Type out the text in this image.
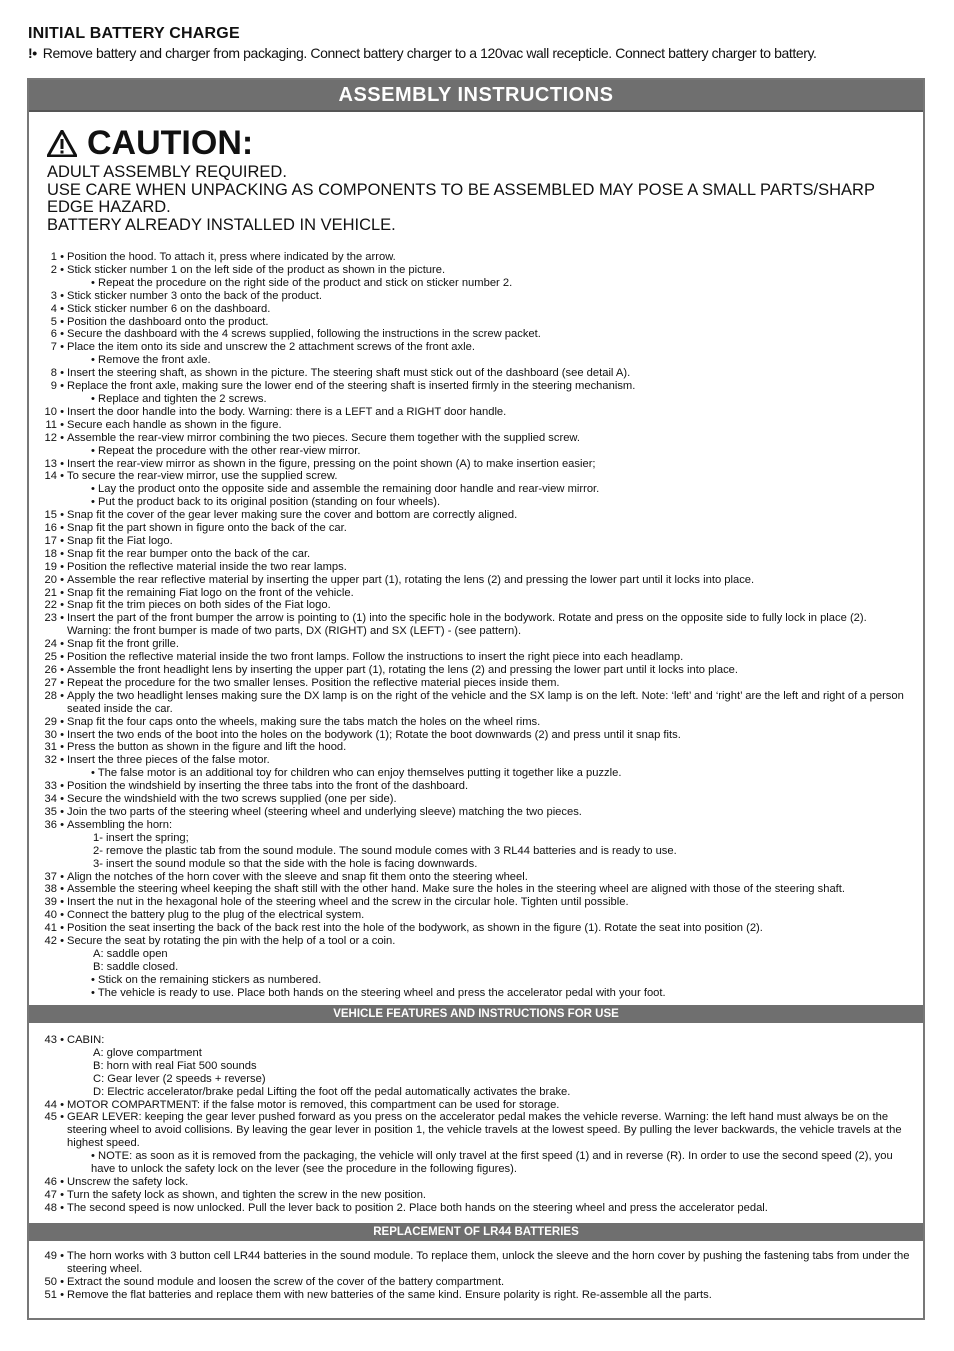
INITIAL BATTERY CHARGE
!• Remove battery and charger from packaging. Connect battery charger to a 120vac wall recepticle. Connect battery charger to battery.
ASSEMBLY INSTRUCTIONS
CAUTION:
ADULT ASSEMBLY REQUIRED.
USE CARE WHEN UNPACKING AS COMPONENTS TO BE ASSEMBLED MAY POSE A SMALL PARTS/SHARP EDGE HAZARD.
BATTERY ALREADY INSTALLED IN VEHICLE.
1 • Position the hood. To attach it, press where indicated by the arrow.
2 • Stick sticker number 1 on the left side of the product as shown in the picture.
• Repeat the procedure on the right side of the product and stick on sticker number 2.
3 • Stick sticker number 3 onto the back of the product.
4 • Stick sticker number 6 on the dashboard.
5 • Position the dashboard onto the product.
6 • Secure the dashboard with the 4 screws supplied, following the instructions in the screw packet.
7 • Place the item onto its side and unscrew the 2 attachment screws of the front axle.
• Remove the front axle.
8 • Insert the steering shaft, as shown in the picture. The steering shaft must stick out of the dashboard (see detail A).
9 • Replace the front axle, making sure the lower end of the steering shaft is inserted firmly in the steering mechanism.
• Replace and tighten the 2 screws.
10 • Insert the door handle into the body. Warning: there is a LEFT and a RIGHT door handle.
11 • Secure each handle as shown in the figure.
12 • Assemble the rear-view mirror combining the two pieces. Secure them together with the supplied screw.
• Repeat the procedure with the other rear-view mirror.
13 • Insert the rear-view mirror as shown in the figure, pressing on the point shown (A) to make insertion easier;
14 • To secure the rear-view mirror, use the supplied screw.
• Lay the product onto the opposite side and assemble the remaining door handle and rear-view mirror.
• Put the product back to its original position (standing on four wheels).
15 • Snap fit the cover of the gear lever making sure the cover and bottom are correctly aligned.
16 • Snap fit the part shown in figure onto the back of the car.
17 • Snap fit the Fiat logo.
18 • Snap fit the rear bumper onto the back of the car.
19 • Position the reflective material inside the two rear lamps.
20 • Assemble the rear reflective material by inserting the upper part (1), rotating the lens (2) and pressing the lower part until it locks into place.
21 • Snap fit the remaining Fiat logo on the front of the vehicle.
22 • Snap fit the trim pieces on both sides of the Fiat logo.
23 • Insert the part of the front bumper the arrow is pointing to (1) into the specific hole in the bodywork. Rotate and press on the opposite side to fully lock in place (2). Warning: the front bumper is made of two parts, DX (RIGHT) and SX (LEFT) - (see pattern).
24 • Snap fit the front grille.
25 • Position the reflective material inside the two front lamps. Follow the instructions to insert the right piece into each headlamp.
26 • Assemble the front headlight lens by inserting the upper part (1), rotating the lens (2) and pressing the lower part until it locks into place.
27 • Repeat the procedure for the two smaller lenses. Position the reflective material pieces inside them.
28 • Apply the two headlight lenses making sure the DX lamp is on the right of the vehicle and the SX lamp is on the left. Note: ‘left’ and ‘right’ are the left and right of a person seated inside the car.
29 • Snap fit the four caps onto the wheels, making sure the tabs match the holes on the wheel rims.
30 • Insert the two ends of the boot into the holes on the bodywork (1); Rotate the boot downwards (2) and press until it snap fits.
31 • Press the button as shown in the figure and lift the hood.
32 • Insert the three pieces of the false motor.
• The false motor is an additional toy for children who can enjoy themselves putting it together like a puzzle.
33 • Position the windshield by inserting the three tabs into the front of the dashboard.
34 • Secure the windshield with the two screws supplied (one per side).
35 • Join the two parts of the steering wheel (steering wheel and underlying sleeve) matching the two pieces.
36 • Assembling the horn:
1- insert the spring;
2- remove the plastic tab from the sound module. The sound module comes with 3 RL44 batteries and is ready to use.
3- insert the sound module so that the side with the hole is facing downwards.
37 • Align the notches of the horn cover with the sleeve and snap fit them onto the steering wheel.
38 • Assemble the steering wheel keeping the shaft still with the other hand. Make sure the holes in the steering wheel are aligned with those of the steering shaft.
39 • Insert the nut in the hexagonal hole of the steering wheel and the screw in the circular hole. Tighten until possible.
40 • Connect the battery plug to the plug of the electrical system.
41 • Position the seat inserting the back of the back rest into the hole of the bodywork, as shown in the figure (1). Rotate the seat into position (2).
42 • Secure the seat by rotating the pin with the help of a tool or a coin.
A: saddle open
B: saddle closed.
• Stick on the remaining stickers as numbered.
• The vehicle is ready to use. Place both hands on the steering wheel and press the accelerator pedal with your foot.
VEHICLE FEATURES AND INSTRUCTIONS FOR USE
43 • CABIN:
A: glove compartment
B: horn with real Fiat 500 sounds
C: Gear lever (2 speeds + reverse)
D: Electric accelerator/brake pedal Lifting the foot off the pedal automatically activates the brake.
44 • MOTOR COMPARTMENT: if the false motor is removed, this compartment can be used for storage.
45 • GEAR LEVER: keeping the gear lever pushed forward as you press on the accelerator pedal makes the vehicle reverse. Warning: the left hand must always be on the steering wheel to avoid collisions. By leaving the gear lever in position 1, the vehicle travels at the lowest speed. By pulling the lever backwards, the vehicle travels at the highest speed.
• NOTE: as soon as it is removed from the packaging, the vehicle will only travel at the first speed (1) and in reverse (R). In order to use the second speed (2), you have to unlock the safety lock on the lever (see the procedure in the following figures).
46 • Unscrew the safety lock.
47 • Turn the safety lock as shown, and tighten the screw in the new position.
48 • The second speed is now unlocked. Pull the lever back to position 2. Place both hands on the steering wheel and press the accelerator pedal.
REPLACEMENT OF LR44 BATTERIES
49 • The horn works with 3 button cell LR44 batteries in the sound module. To replace them, unlock the sleeve and the horn cover by pushing the fastening tabs from under the steering wheel.
50 • Extract the sound module and loosen the screw of the cover of the battery compartment.
51 • Remove the flat batteries and replace them with new batteries of the same kind. Ensure polarity is right. Re-assemble all the parts.
